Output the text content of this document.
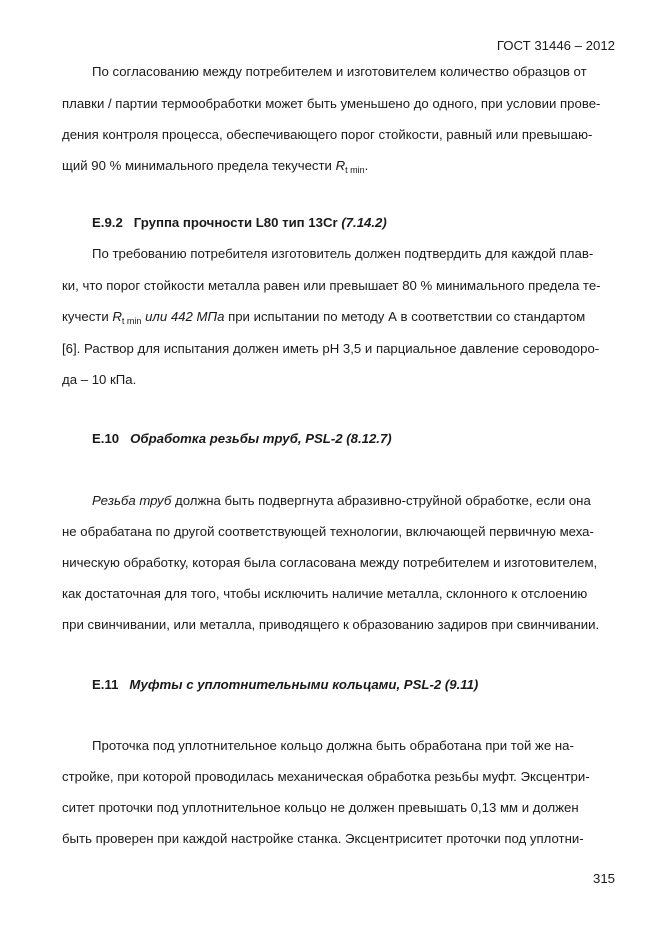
ГОСТ 31446 – 2012
По согласованию между потребителем и изготовителем количество образцов от
плавки / партии термообработки может быть уменьшено до одного, при условии прове-
дения контроля процесса, обеспечивающего порог стойкости, равный или превышаю-
щий 90 % минимального предела текучести $R_{t min}$.
E.9.2 Группа прочности L80 тип 13Cr (7.14.2)
По требованию потребителя изготовитель должен подтвердить для каждой плав-
ки, что порог стойкости металла равен или превышает 80 % минимального предела те-
кучести $R_{t min}$ или 442 МПа при испытании по методу А в соответствии со стандартом
[6]. Раствор для испытания должен иметь pH 3,5 и парциальное давление сероводоро-
да – 10 кПа.
E.10 Обработка резьбы труб, PSL-2 (8.12.7)
Резьба труб должна быть подвергнута абразивно-струйной обработке, если она
не обрабатана по другой соответствующей технологии, включающей первичную меха-
ническую обработку, которая была согласована между потребителем и изготовителем,
как достаточная для того, чтобы исключить наличие металла, склонного к отслоению
при свинчивании, или металла, приводящего к образованию задиров при свинчивании.
E.11 Муфты с уплотнительными кольцами, PSL-2 (9.11)
Проточка под уплотнительное кольцо должна быть обработана при той же на-
стройке, при которой проводилась механическая обработка резьбы муфт. Эксцентри-
ситет проточки под уплотнительное кольцо не должен превышать 0,13 мм и должен
быть проверен при каждой настройке станка. Эксцентриситет проточки под уплотни-
315
